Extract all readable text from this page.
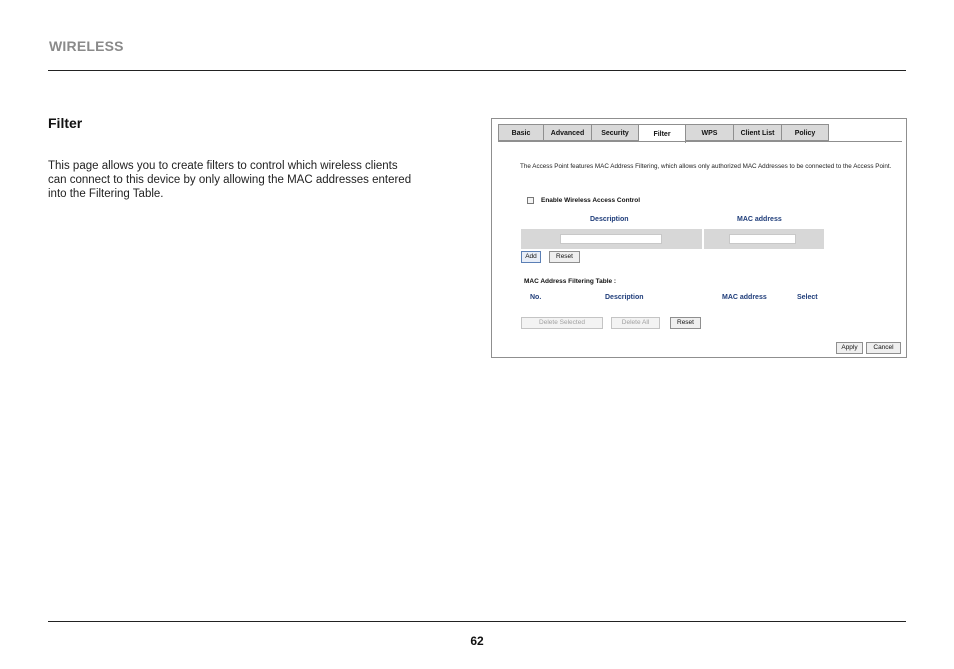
WIRELESS
Filter

This page allows you to create filters to control which wireless clients can connect to this device by only allowing the MAC addresses entered into the Filtering Table.

Basic	Advanced	Security	Filter	WPS	Client List	Policy

The Access Point features MAC Address Filtering, which allows only authorized MAC Addresses to be connected to the Access Point.

Enable Wireless Access Control
Description	MAC address
Add	Reset
MAC Address Filtering Table :
No.	Description	MAC address	Select
Delete Selected	Delete All	Reset
Apply	Cancel
62
